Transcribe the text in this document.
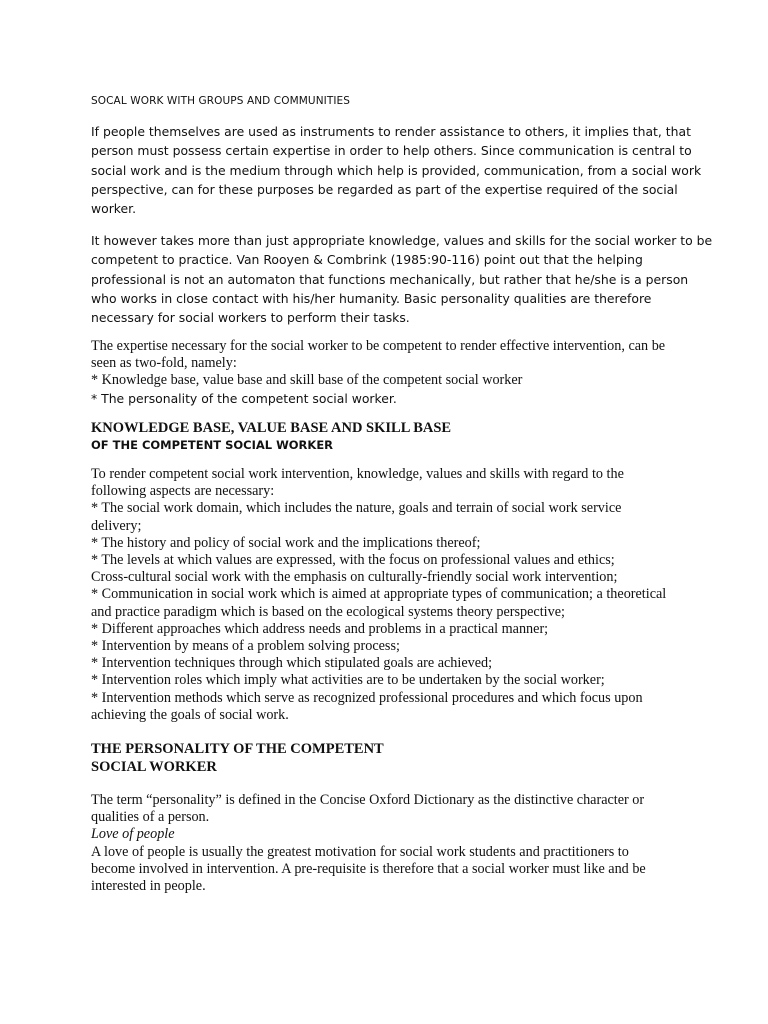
SOCAL WORK WITH GROUPS AND COMMUNITIES

If people themselves are used as instruments to render assistance to others, it implies that, that
person must possess certain expertise in order to help others. Since communication is central to
social work and is the medium through which help is provided, communication, from a social work
perspective, can for these purposes be regarded as part of the expertise required of the social
worker.
It however takes more than just appropriate knowledge, values and skills for the social worker to be
competent to practice. Van Rooyen & Combrink (1985:90-116) point out that the helping
professional is not an automaton that functions mechanically, but rather that he/she is a person
who works in close contact with his/her humanity. Basic personality qualities are therefore
necessary for social workers to perform their tasks.
The expertise necessary for the social worker to be competent to render effective intervention, can be
seen as two-fold, namely:
* Knowledge base, value base and skill base of the competent social worker
* The personality of the competent social worker.
KNOWLEDGE BASE, VALUE BASE AND SKILL BASE
OF THE COMPETENT SOCIAL WORKER
To render competent social work intervention, knowledge, values and skills with regard to the
following aspects are necessary:
* The social work domain, which includes the nature, goals and terrain of social work service
delivery;
* The history and policy of social work and the implications thereof;
* The levels at which values are expressed, with the focus on professional values and ethics;
Cross-cultural social work with the emphasis on culturally-friendly social work intervention;
* Communication in social work which is aimed at appropriate types of communication; a theoretical
and practice paradigm which is based on the ecological systems theory perspective;
* Different approaches which address needs and problems in a practical manner;
* Intervention by means of a problem solving process;
* Intervention techniques through which stipulated goals are achieved;
* Intervention roles which imply what activities are to be undertaken by the social worker;
* Intervention methods which serve as recognized professional procedures and which focus upon
achieving the goals of social work.
THE PERSONALITY OF THE COMPETENT
SOCIAL WORKER
The term “personality” is defined in the Concise Oxford Dictionary as the distinctive character or
qualities of a person.
Love of people
A love of people is usually the greatest motivation for social work students and practitioners to
become involved in intervention. A pre-requisite is therefore that a social worker must like and be
interested in people.
